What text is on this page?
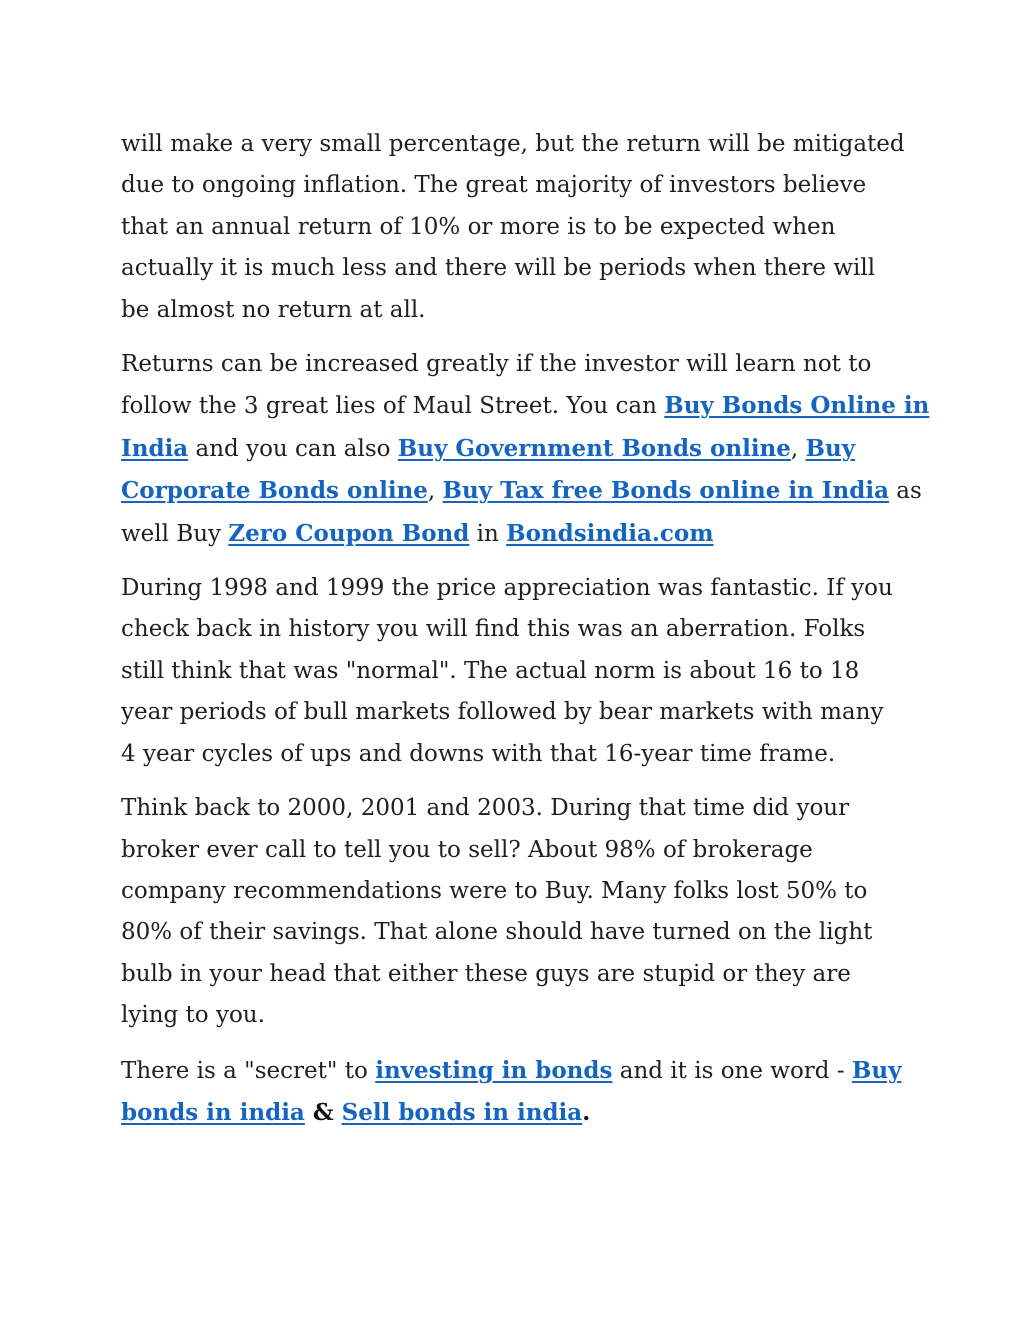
will make a very small percentage, but the return will be mitigated
due to ongoing inflation. The great majority of investors believe
that an annual return of 10% or more is to be expected when
actually it is much less and there will be periods when there will
be almost no return at all.

Returns can be increased greatly if the investor will learn not to
follow the 3 great lies of Maul Street. You can Buy Bonds Online in
India and you can also Buy Government Bonds online, Buy
Corporate Bonds online, Buy Tax free Bonds online in India as
well Buy Zero Coupon Bond in Bondsindia.com

During 1998 and 1999 the price appreciation was fantastic. If you
check back in history you will find this was an aberration. Folks
still think that was "normal". The actual norm is about 16 to 18
year periods of bull markets followed by bear markets with many
4 year cycles of ups and downs with that 16-year time frame.

Think back to 2000, 2001 and 2003. During that time did your
broker ever call to tell you to sell? About 98% of brokerage
company recommendations were to Buy. Many folks lost 50% to
80% of their savings. That alone should have turned on the light
bulb in your head that either these guys are stupid or they are
lying to you.

There is a "secret" to investing in bonds and it is one word - Buy
bonds in india & Sell bonds in india.
